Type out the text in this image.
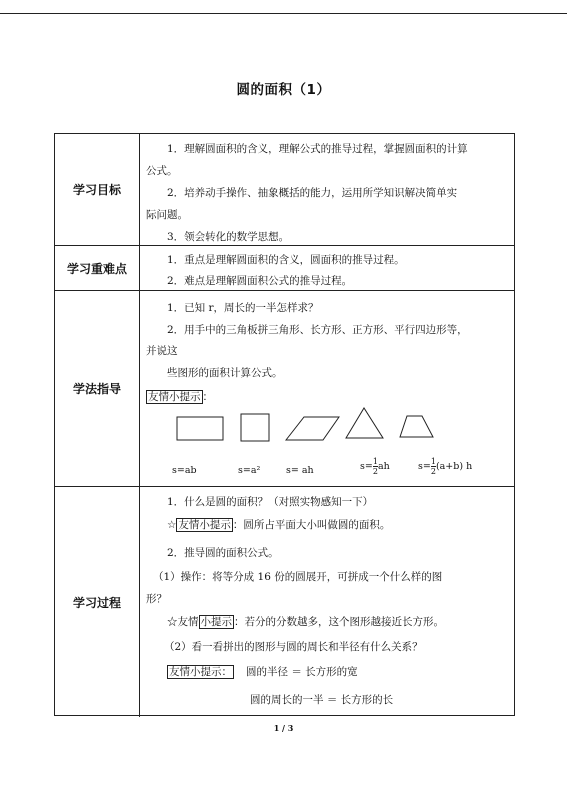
圆的面积（1）
学习目标
1．理解圆面积的含义，理解公式的推导过程，掌握圆面积的计算
公式。
2．培养动手操作、抽象概括的能力，运用所学知识解决简单实
际问题。
3．领会转化的数学思想。
学习重难点
1．重点是理解圆面积的含义，圆面积的推导过程。
2．难点是理解圆面积公式的推导过程。
学法指导
1．已知 r，周长的一半怎样求？
2．用手中的三角板拼三角形、长方形、正方形、平行四边形等，
并说这
些图形的面积计算公式。
友情小提示 ：
s=ab	s=a²	s= ah	$s= \frac{1}{2}$ ah	$s= \frac{1}{2} (a+b)$ h
学习过程
1．什么是圆的面积？（对照实物感知一下）
☆ 友情小提示 ：圆所占平面大小叫做圆的面积。
2．推导圆的面积公式。
（1）操作：将等分成 16 份的圆展开，可拼成一个什么样的图
形？
☆友情 小提示 ：若分的分数越多，这个图形越接近长方形。
（2）看一看拼出的图形与圆的周长和半径有什么关系？
友情小提示： 圆的半径 ＝ 长方形的宽
圆的周长的一半 ＝ 长方形的长
1 / 3
